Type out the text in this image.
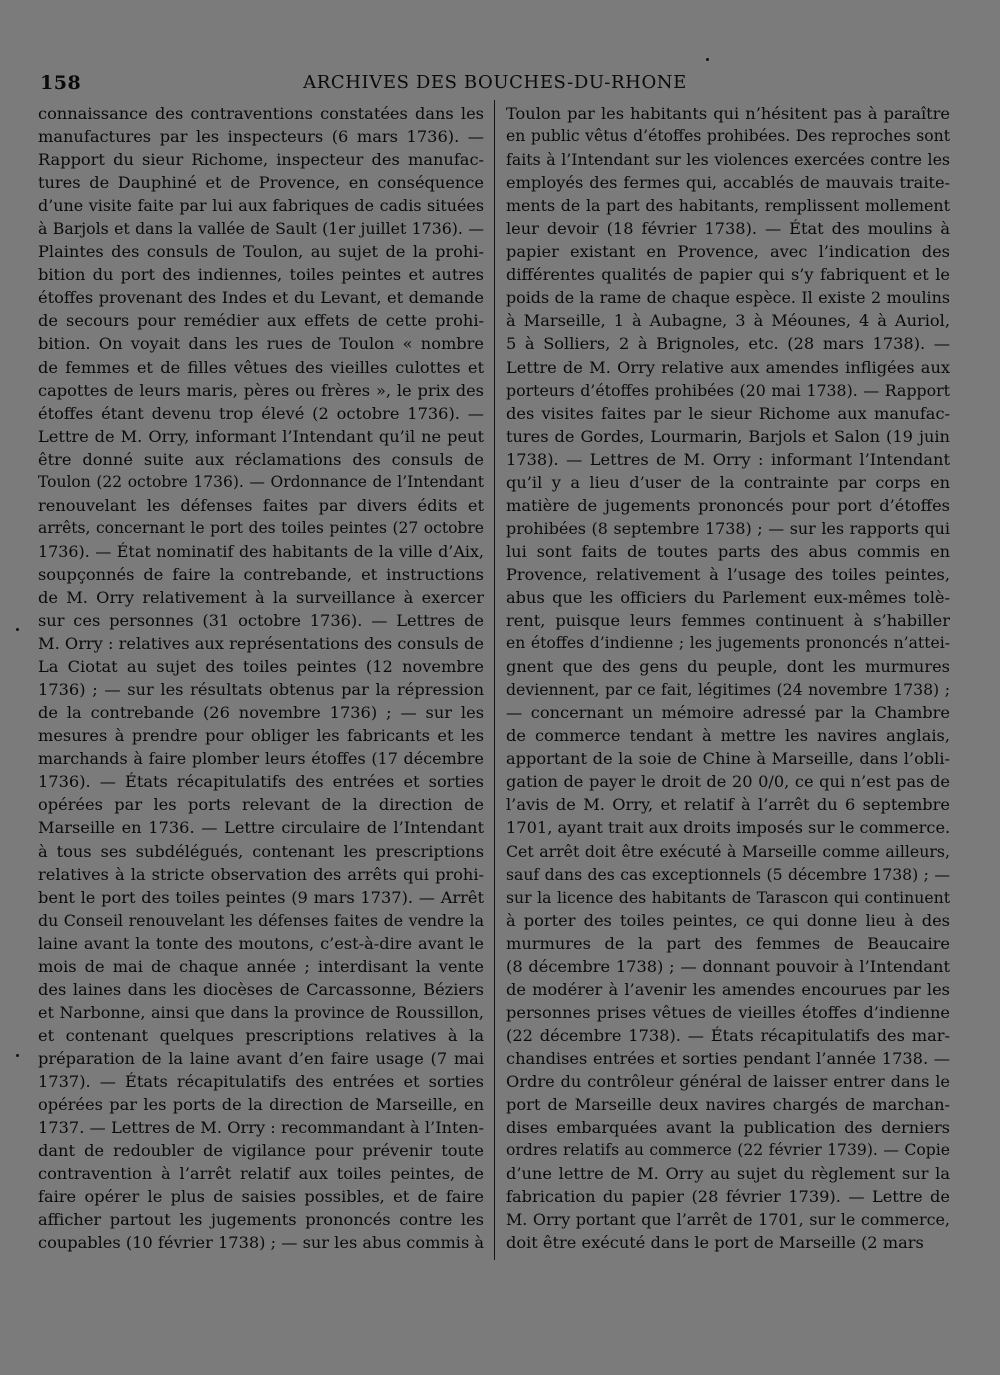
158	ARCHIVES DES BOUCHES-DU-RHONE
connaissance des contraventions constatées dans les
manufactures par les inspecteurs (6 mars 1736). —
Rapport du sieur Richome, inspecteur des manufac-
tures de Dauphiné et de Provence, en conséquence
d’une visite faite par lui aux fabriques de cadis situées
à Barjols et dans la vallée de Sault (1er juillet 1736). —
Plaintes des consuls de Toulon, au sujet de la prohi-
bition du port des indiennes, toiles peintes et autres
étoffes provenant des Indes et du Levant, et demande
de secours pour remédier aux effets de cette prohi-
bition. On voyait dans les rues de Toulon « nombre
de femmes et de filles vêtues des vieilles culottes et
capottes de leurs maris, pères ou frères », le prix des
étoffes étant devenu trop élevé (2 octobre 1736). —
Lettre de M. Orry, informant l’Intendant qu’il ne peut
être donné suite aux réclamations des consuls de
Toulon (22 octobre 1736). — Ordonnance de l’Intendant
renouvelant les défenses faites par divers édits et
arrêts, concernant le port des toiles peintes (27 octobre
1736). — État nominatif des habitants de la ville d’Aix,
soupçonnés de faire la contrebande, et instructions
de M. Orry relativement à la surveillance à exercer
sur ces personnes (31 octobre 1736). — Lettres de
M. Orry : relatives aux représentations des consuls de
La Ciotat au sujet des toiles peintes (12 novembre
1736) ; — sur les résultats obtenus par la répression
de la contrebande (26 novembre 1736) ; — sur les
mesures à prendre pour obliger les fabricants et les
marchands à faire plomber leurs étoffes (17 décembre
1736). — États récapitulatifs des entrées et sorties
opérées par les ports relevant de la direction de
Marseille en 1736. — Lettre circulaire de l’Intendant
à tous ses subdélégués, contenant les prescriptions
relatives à la stricte observation des arrêts qui prohi-
bent le port des toiles peintes (9 mars 1737). — Arrêt
du Conseil renouvelant les défenses faites de vendre la
laine avant la tonte des moutons, c’est-à-dire avant le
mois de mai de chaque année ; interdisant la vente
des laines dans les diocèses de Carcassonne, Béziers
et Narbonne, ainsi que dans la province de Roussillon,
et contenant quelques prescriptions relatives à la
préparation de la laine avant d’en faire usage (7 mai
1737). — États récapitulatifs des entrées et sorties
opérées par les ports de la direction de Marseille, en
1737. — Lettres de M. Orry : recommandant à l’Inten-
dant de redoubler de vigilance pour prévenir toute
contravention à l’arrêt relatif aux toiles peintes, de
faire opérer le plus de saisies possibles, et de faire
afficher partout les jugements prononcés contre les
coupables (10 février 1738) ; — sur les abus commis à
Toulon par les habitants qui n’hésitent pas à paraître
en public vêtus d’étoffes prohibées. Des reproches sont
faits à l’Intendant sur les violences exercées contre les
employés des fermes qui, accablés de mauvais traite-
ments de la part des habitants, remplissent mollement
leur devoir (18 février 1738). — État des moulins à
papier existant en Provence, avec l’indication des
différentes qualités de papier qui s’y fabriquent et le
poids de la rame de chaque espèce. Il existe 2 moulins
à Marseille, 1 à Aubagne, 3 à Méounes, 4 à Auriol,
5 à Solliers, 2 à Brignoles, etc. (28 mars 1738). —
Lettre de M. Orry relative aux amendes infligées aux
porteurs d’étoffes prohibées (20 mai 1738). — Rapport
des visites faites par le sieur Richome aux manufac-
tures de Gordes, Lourmarin, Barjols et Salon (19 juin
1738). — Lettres de M. Orry : informant l’Intendant
qu’il y a lieu d’user de la contrainte par corps en
matière de jugements prononcés pour port d’étoffes
prohibées (8 septembre 1738) ; — sur les rapports qui
lui sont faits de toutes parts des abus commis en
Provence, relativement à l’usage des toiles peintes,
abus que les officiers du Parlement eux-mêmes tolè-
rent, puisque leurs femmes continuent à s’habiller
en étoffes d’indienne ; les jugements prononcés n’attei-
gnent que des gens du peuple, dont les murmures
deviennent, par ce fait, légitimes (24 novembre 1738) ;
— concernant un mémoire adressé par la Chambre
de commerce tendant à mettre les navires anglais,
apportant de la soie de Chine à Marseille, dans l’obli-
gation de payer le droit de 20 0/0, ce qui n’est pas de
l’avis de M. Orry, et relatif à l’arrêt du 6 septembre
1701, ayant trait aux droits imposés sur le commerce.
Cet arrêt doit être exécuté à Marseille comme ailleurs,
sauf dans des cas exceptionnels (5 décembre 1738) ; —
sur la licence des habitants de Tarascon qui continuent
à porter des toiles peintes, ce qui donne lieu à des
murmures de la part des femmes de Beaucaire
(8 décembre 1738) ; — donnant pouvoir à l’Intendant
de modérer à l’avenir les amendes encourues par les
personnes prises vêtues de vieilles étoffes d’indienne
(22 décembre 1738). — États récapitulatifs des mar-
chandises entrées et sorties pendant l’année 1738. —
Ordre du contrôleur général de laisser entrer dans le
port de Marseille deux navires chargés de marchan-
dises embarquées avant la publication des derniers
ordres relatifs au commerce (22 février 1739). — Copie
d’une lettre de M. Orry au sujet du règlement sur la
fabrication du papier (28 février 1739). — Lettre de
M. Orry portant que l’arrêt de 1701, sur le commerce,
doit être exécuté dans le port de Marseille (2 mars
